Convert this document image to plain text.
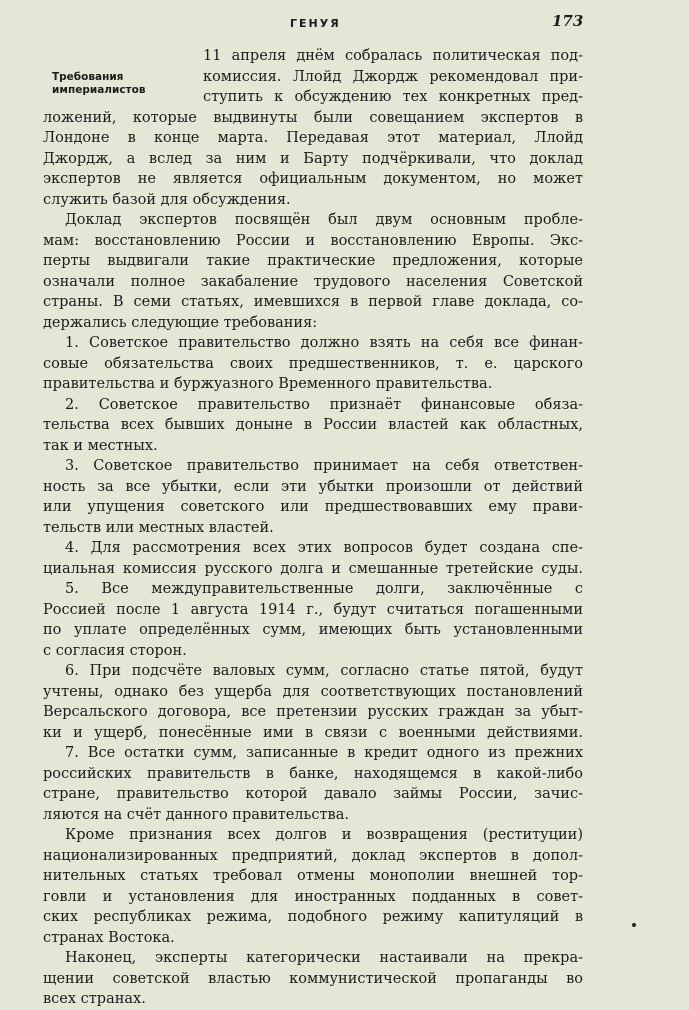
ГЕНУЯ	173
Требования
империалистов
11 апреля днём собралась политическая под-
комиссия. Ллойд Джордж рекомендовал при-
ступить к обсуждению тех конкретных пред-
ложений, которые выдвинуты были совещанием экспертов в
Лондоне в конце марта. Передавая этот материал, Ллойд
Джордж, а вслед за ним и Барту подчёркивали, что доклад
экспертов не является официальным документом, но может
служить базой для обсуждения.
Доклад экспертов посвящён был двум основным пробле-
мам: восстановлению России и восстановлению Европы. Экс-
перты выдвигали такие практические предложения, которые
означали полное закабаление трудового населения Советской
страны. В семи статьях, имевшихся в первой главе доклада, со-
держались следующие требования:
1. Советское правительство должно взять на себя все финан-
совые обязательства своих предшественников, т. е. царского
правительства и буржуазного Временного правительства.
2. Советское правительство признаёт финансовые обяза-
тельства всех бывших доныне в России властей как областных,
так и местных.
3. Советское правительство принимает на себя ответствен-
ность за все убытки, если эти убытки произошли от действий
или упущения советского или предшествовавших ему прави-
тельств или местных властей.
4. Для рассмотрения всех этих вопросов будет создана спе-
циальная комиссия русского долга и смешанные третейские суды.
5. Все междуправительственные долги, заключённые с
Россией после 1 августа 1914 г., будут считаться погашенными
по уплате определённых сумм, имеющих быть установленными
с согласия сторон.
6. При подсчёте валовых сумм, согласно статье пятой, будут
учтены, однако без ущерба для соответствующих постановлений
Версальского договора, все претензии русских граждан за убыт-
ки и ущерб, понесённые ими в связи с военными действиями.
7. Все остатки сумм, записанные в кредит одного из прежних
российских правительств в банке, находящемся в какой-либо
стране, правительство которой давало займы России, зачис-
ляются на счёт данного правительства.
Кроме признания всех долгов и возвращения (реституции)
национализированных предприятий, доклад экспертов в допол-
нительных статьях требовал отмены монополии внешней тор-
говли и установления для иностранных подданных в совет-
ских республиках режима, подобного режиму капитуляций в
странах Востока.
Наконец, эксперты категорически настаивали на прекра-
щении советской властью коммунистической пропаганды во
всех странах.
